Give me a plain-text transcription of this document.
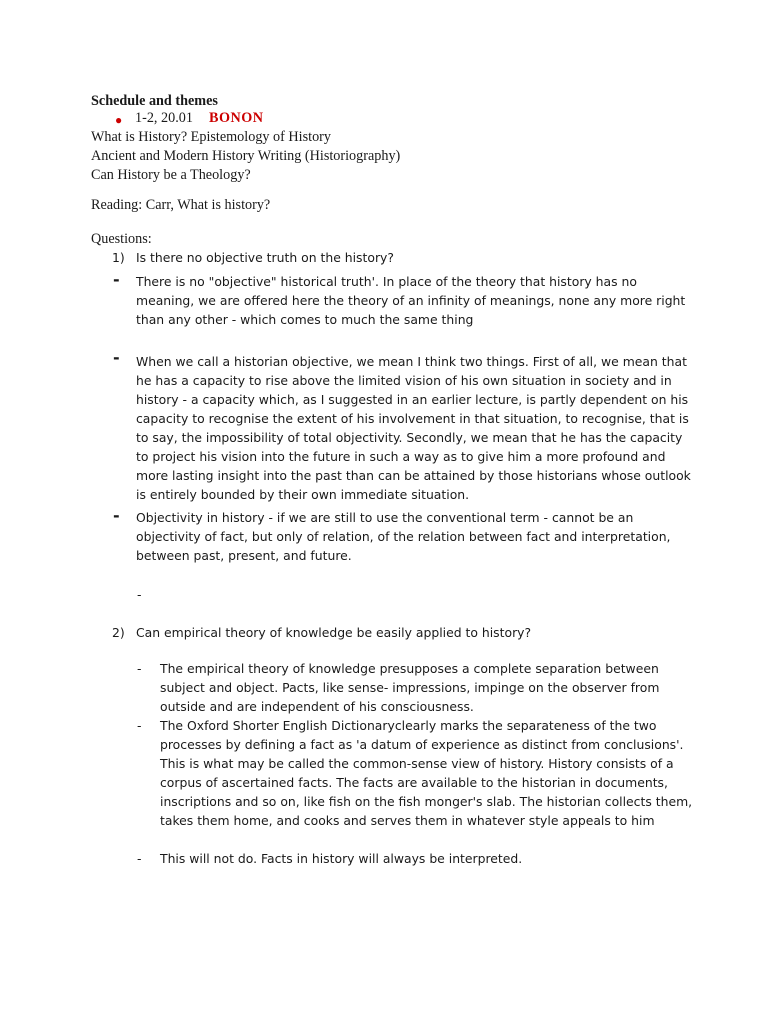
Schedule and themes
● 1-2, 20.01 BONON
What is History? Epistemology of History
Ancient and Modern History Writing (Historiography)
Can History be a Theology?
Reading: Carr, What is history?
Questions:
1) Is there no objective truth on the history?
- There is no "objective" historical truth'. In place of the theory that history has no meaning, we are offered here the theory of an infinity of meanings, none any more right than any other - which comes to much the same thing
- When we call a historian objective, we mean I think two things. First of all, we mean that he has a capacity to rise above the limited vision of his own situation in society and in history - a capacity which, as I suggested in an earlier lecture, is partly dependent on his capacity to recognise the extent of his involvement in that situation, to recognise, that is to say, the impossibility of total objectivity. Secondly, we mean that he has the capacity to project his vision into the future in such a way as to give him a more profound and more lasting insight into the past than can be attained by those historians whose outlook is entirely bounded by their own immediate situation.
- Objectivity in history - if we are still to use the conventional term - cannot be an objectivity of fact, but only of relation, of the relation between fact and interpretation, between past, present, and future.
-
2) Can empirical theory of knowledge be easily applied to history?
- The empirical theory of knowledge presupposes a complete separation between subject and object. Pacts, like sense- impressions, impinge on the observer from outside and are independent of his consciousness.
- The Oxford Shorter English Dictionaryclearly marks the separateness of the two processes by defining a fact as 'a datum of experience as distinct from conclusions'. This is what may be called the common-sense view of history. History consists of a corpus of ascertained facts. The facts are available to the historian in documents, inscriptions and so on, like fish on the fish monger's slab. The historian collects them, takes them home, and cooks and serves them in whatever style appeals to him
- This will not do. Facts in history will always be interpreted.
